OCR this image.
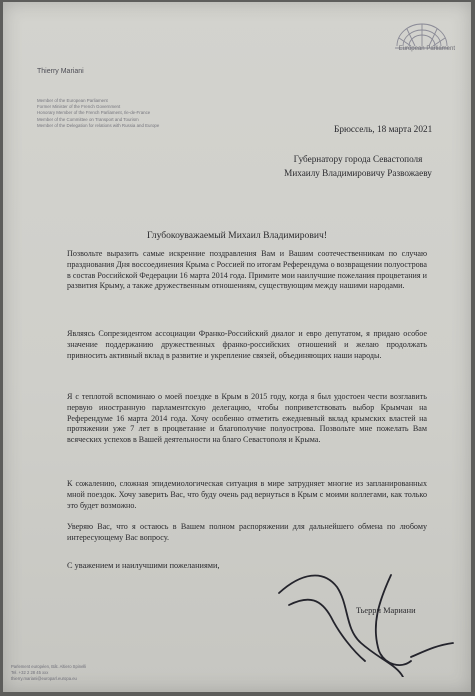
European Parliament
Thierry Mariani
Member of the European Parliament
Former Minister of the French Government
Honorary Member of the French Parliament, Ile-de-France
Member of the Committee on Transport and Tourism
Member of the Delegation for relations with Russia and Europe	Брюссель, 18 марта 2021
Губернатору города Севастополя
Михаилу Владимировичу Развожаеву
Глубокоуважаемый Михаил Владимирович!
Позвольте выразить самые искренние поздравления Вам и Вашим соотечественникам по случаю празднования Дня воссоединения Крыма с Россией по итогам Референдума о возвращении полуострова в состав Российской Федерации 16 марта 2014 года. Примите мои наилучшие пожелания процветания и развития Крыму, а также дружественным отношениям, существующим между нашими народами.
Являясь Сопрезидентом ассоциации Франко-Российский диалог и евро депутатом, я придаю особое значение поддержанию дружественных франко-российских отношений и желаю продолжать привносить активный вклад в развитие и укрепление связей, объединяющих наши народы.
Я с теплотой вспоминаю о моей поездке в Крым в 2015 году, когда я был удостоен чести возглавить первую иностранную парламентскую делегацию, чтобы поприветствовать выбор Крымчан на Референдуме 16 марта 2014 года. Хочу особенно отметить ежедневный вклад крымских властей на протяжении уже 7 лет в процветание и благополучие полуострова. Позвольте мне пожелать Вам всяческих успехов в Вашей деятельности на благо Севастополя и Крыма.
К сожалению, сложная эпидемиологическая ситуация в мире затрудняет многие из запланированных мной поездок. Хочу заверить Вас, что буду очень рад вернуться в Крым с моими коллегами, как только это будет возможно.
Уверяю Вас, что я остаюсь в Вашем полном распоряжении для дальнейшего обмена по любому интересующему Вас вопросу.
С уважением и наилучшими пожеланиями,
Тьерри Мариани
Parlement européen, Bât. Altiero Spinelli
Tel. +32 2 28 45 xxx
thierry.mariani@europarl.europa.eu
